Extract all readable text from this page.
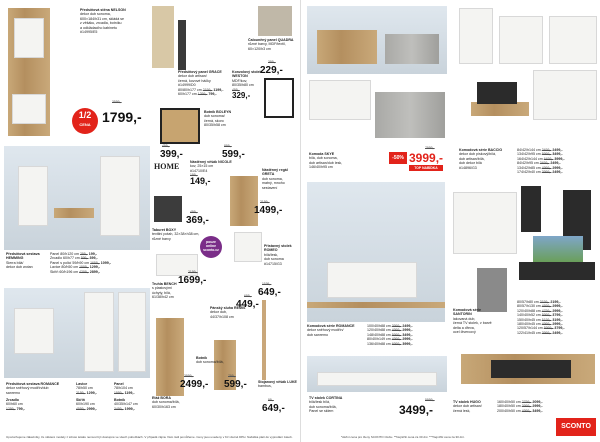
Předsíňová stěna NELSON
dekor dub sonoma,
600×184/h31 cm, skládá se
z věšáku, zrcadla, botníku
a odkládacího kabinetu
#14995/E5
3599,-
1/2
CENA 1799,-
Čalouněný panel QUADRA
různé barvy, MDF/textil,
60×120/h3 cm
399,-
229,-
Předsíňový panel GRACE
dekor dub artisan/
černá, kovové háčky
#14999/D0
80/80/h177 cm 2199,- 1199,-
60/h177 cm 1299,- 799,-
Konzolový stolek WESTON
MDF/kov,
80/35/h80 cm
499,-
329,-
Botník BOLEYN
dub sonoma/
černá, skoro
80/35/h58 cm
499,-
399,-
899,-
599,-
Nástěnný věšák NICOLE
kov, 25×15 cm
#14710/E4
199,-
149,-
HOME	Nástěnný regál GRETA
dub sonoma,
matný, mnoho
sestavení
499,-
369,-
Taburet BOXY
textilní potah, 32×38×h38 cm,
různé barvy
2199,-
1499,-
Přístavný stolek ROMEO
bílá/lesk,
dub sonoma
#14715/G3
pouze
online
sconto.cz
Předsíňová sestava HEMMING
Sierra bílá/
dekor dub wotan
Panel 80/h120 cm 299,- 199,-
Zrcadlo 60/h77 cm 599,- 399,-
Panel s policí 59/h90 cm 1699,- 1099,-
Lavice 80/h50 cm 1999,- 1299,-
Skříň 60/h196 cm 4399,- 2899,-
Truhla BENCH
s plastovými
úchyty, bílá,
61/38/h42 cm
2199,-
1699,-
Pánský sluha REMIS
dekor dub,
44/37/h108 cm
699,-
449,-
1199,-
649,-
Předsíňová sestava ROMANCE
dekor sněhový modřín/dub
sanremo
Zrcadlo
60/h60 cm
1299,- 799,-
Lavice
78/h50 cm
2199,- 1299,-
Skříň
60/h190 cm
4599,- 2999,-
Panel
78/h104 cm
1999,- 1199,-
Botník
40/35/h147 cm
3499,- 1999,-
Etáž BORA
dub sonoma/bílá,
60/30/h163 cm
3999,-
2499,-
Botník
dub sonoma/bílá,
799,-
599,-	Stojanový věšák LUKE
bambus,
99,-
649,-
Upozorňujeme zákazníky, že některé modely z tohoto letáku nemusí být dostupné ve všech pobočkách. V případě zájmu Vám rádi pomůžeme. Ceny jsou uvedeny v Kč včetně DPH. Nabídka platí do vyprodání zásob.
Komoda SKYE
bílá, dub sonoma,
dub artisan/dub lesk,
146/40/h95 cm
7999,-
-50% 3999,-
TOP NABÍDKA
Komodová série BACCIO
dekor dub pískový/bílá,
dub artisan/bílá,
dub dekor bílá
#14896/G3
84/42/h144 cm 3499,- 2499,-
134/42/h95 cm 5999,- 3499,-
164/42/h144 cm 6499,- 3999,-
84/42/h95 cm 3499,- 2499,-
134/42/h85 cm 4999,- 2999,-
174/42/h40 cm 3999,- 2499,-
Komodová série ROMANCE
dekor sněhový modřín/
dub sanremo
100/40/h88 cm 3999,- 2499,-
120/40/h88 cm 4999,- 2999,-
148/40/h88 cm 5999,- 3499,-
80/40/h149 cm 4999,- 2999,-
136/40/h88 cm 6999,- 3999,-
Komodová série SANTORIN
lakovaná dub,
černá TV stolek, v barvě
delta a dřeva,
ocel čtvercový
80/57/h80 cm 3199,- 2199,-
80/57/h130 cm 4599,- 2999,-
120/40/h88 cm 4799,- 2999,-
140/40/h52 cm 5999,- 3799,-
150/40/h45 cm 5199,- 3199,-
180/40/h45 cm 4999,- 2999,-
120/57/h144 cm 5999,- 3799,-
122/41/h45 cm 3999,- 2499,-
TV stolek CORTINA
bílá/lesk bílá,
dub sonoma/bílá,
Panel se sklem
5999,-
3499,-
TV stolek HUGO
dekor dub artisan/
černá lesk,
160/40/h50 cm 2799,- 2099,-
180/40/h50 cm 3999,- 2999,-
200/40/h50 cm 4999,- 3499,-
SCONTO
*Akční cena pro členy SCONTO Clubu. **Nejnižší cena za 30 dní. ***Nejnižší cena za 30 dní.
